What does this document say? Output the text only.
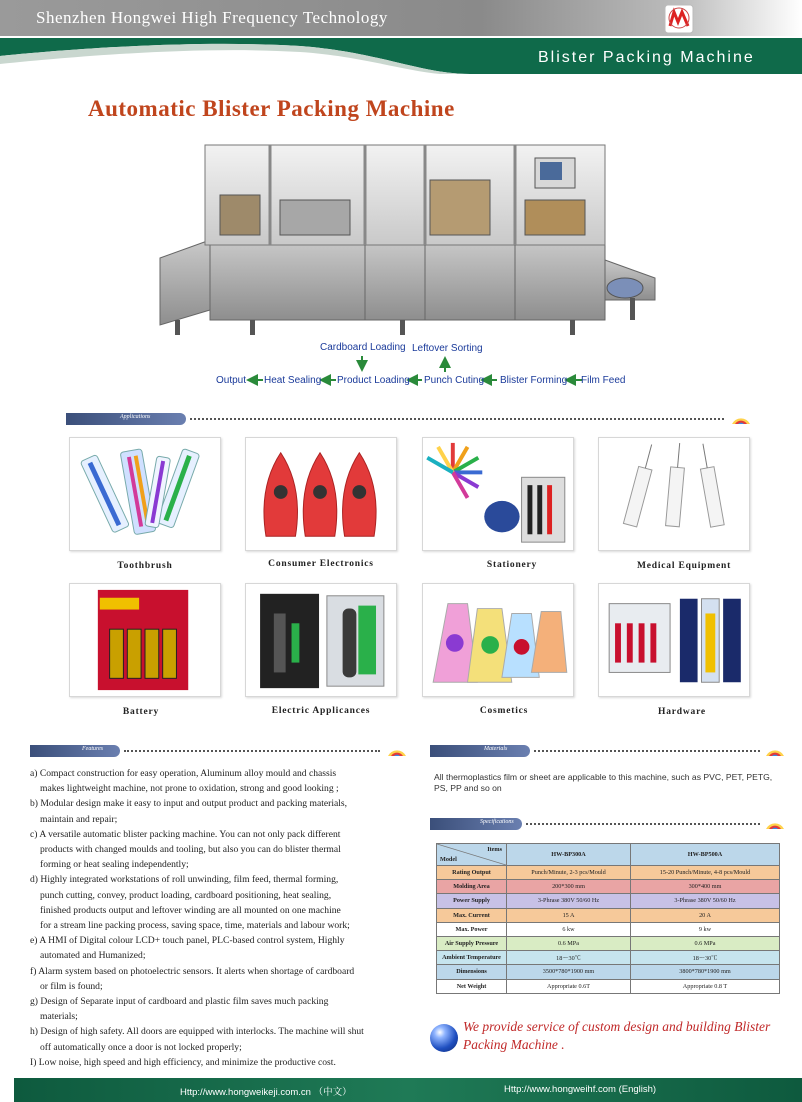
Shenzhen Hongwei High Frequency Technology
Blister Packing Machine
Automatic Blister Packing Machine
Cardboard Loading Leftover Sorting
Output Heat Sealing Product Loading Punch Cuting Blister Forming Film Feed
Applications
Toothbrush	Consumer Electronics	Stationery	Medical Equipment
Battery	Electric Applicances	Cosmetics	Hardware
Features

a) Compact construction for easy operation, Aluminum alloy mould and chassis

makes lightweight machine, not prone to oxidation, strong and good looking ;

b) Modular design make it easy to input and output product and packing materials,

maintain and repair;

c) A versatile automatic blister packing machine. You can not only pack different

products with changed moulds and tooling, but also you can do blister thermal

forming or heat sealing independently;

d) Highly integrated workstations of roll unwinding, film feed, thermal forming,

punch cutting, convey, product loading, cardboard positioning, heat sealing,

finished products output and leftover winding are all mounted on one machine

for a stream line packing process, saving space, time, materials and labour work;

e) A HMI of Digital colour LCD+ touch panel, PLC-based control system, Highly

automated and Humanized;

f) Alarm system based on photoelectric sensors. It alerts when shortage of cardboard

or film is found;

g) Design of Separate input of cardboard and plastic film saves much packing

materials;

h) Design of high safety. All doors are equipped with interlocks. The machine will shut

off automatically once a door is not locked properly;

I) Low noise, high speed and high efficiency, and minimize the productive cost.

Materials
All thermoplastics film or sheet are applicable to this machine, such as PVC, PET, PETG, PS, PP and so on
Specifications
Items
Model	HW-BP300A	HW-BP500A
Rating Output	Punch/Minute, 2-3 pcs/Mould	15-20 Punch/Minute, 4-8 pcs/Mould
Molding Area	200*300 mm	300*400 mm
Power Supply	3-Phrase 380V 50/60 Hz	3-Phrase 380V 50/60 Hz
Max. Current	15 A	20 A
Max. Power	6 kw	9 kw
Air Supply Pressure	0.6 MPa	0.6 MPa
Ambient Temperature	18～30℃	18～30℃
Dimensions	3500*780*1900 mm	3800*780*1900 mm
Net Weight	Appropriate 0.6T	Appropriate 0.8 T
We provide service of custom design and building Blister Packing Machine .
Http://www.hongweikeji.com.cn （中文）	Http://www.hongweihf.com (English)
